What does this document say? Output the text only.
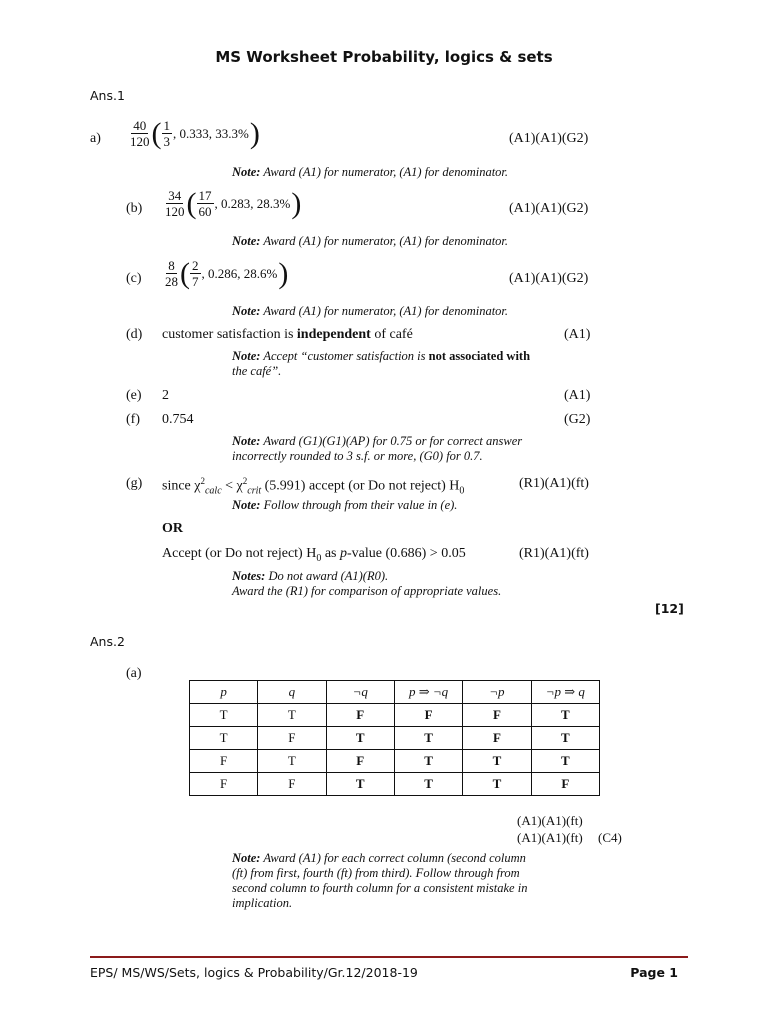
MS Worksheet Probability, logics & sets
Ans.1
$a) \frac{40}{120}$ ( $\frac{1}{3}$ , 0.333, 33.3% )	(A1)(A1)(G2)
Note: Award (A1) for numerator, (A1) for denominator.
$(b) \frac{34}{120}$ ( $\frac{17}{60}$ , 0.283, 28.3% )	(A1)(A1)(G2)
Note: Award (A1) for numerator, (A1) for denominator.
$(c) \frac{8}{28}$ ( $\frac{2}{7}$ , 0.286, 28.6% )	(A1)(A1)(G2)
Note: Award (A1) for numerator, (A1) for denominator.
(d) customer satisfaction is independent of café	(A1)
Note: Accept “customer satisfaction is not associated with
the café”.
(e) 2	(A1)
(f) 0.754	(G2)
Note: Award (G1)(G1)(AP) for 0.75 or for correct answer
incorrectly rounded to 3 s.f. or more, (G0) for 0.7.
(g) since $\chi^2_{calc} < \chi^2_{crit}$ (5.991) accept (or Do not reject) $H_0$	(R1)(A1)(ft)
Note: Follow through from their value in (e).
OR
Accept (or Do not reject) $H_0$ as p-value (0.686) > 0.05	(R1)(A1)(ft)
Notes: Do not award (A1)(R0).
Award the (R1) for comparison of appropriate values.
[12]
Ans.2
(a)
p	q	¬q	p ⇒ ¬q	¬p	¬p ⇒ q
T	T	F	F	F	T
T	F	T	T	F	T
F	T	F	T	T	T
F	F	T	T	T	F
(A1)(A1)(ft)
(A1)(A1)(ft) (C4)
Note: Award (A1) for each correct column (second column
(ft) from first, fourth (ft) from third). Follow through from
second column to fourth column for a consistent mistake in
implication.
EPS/ MS/WS/Sets, logics & Probability/Gr.12/2018-19	Page 1
